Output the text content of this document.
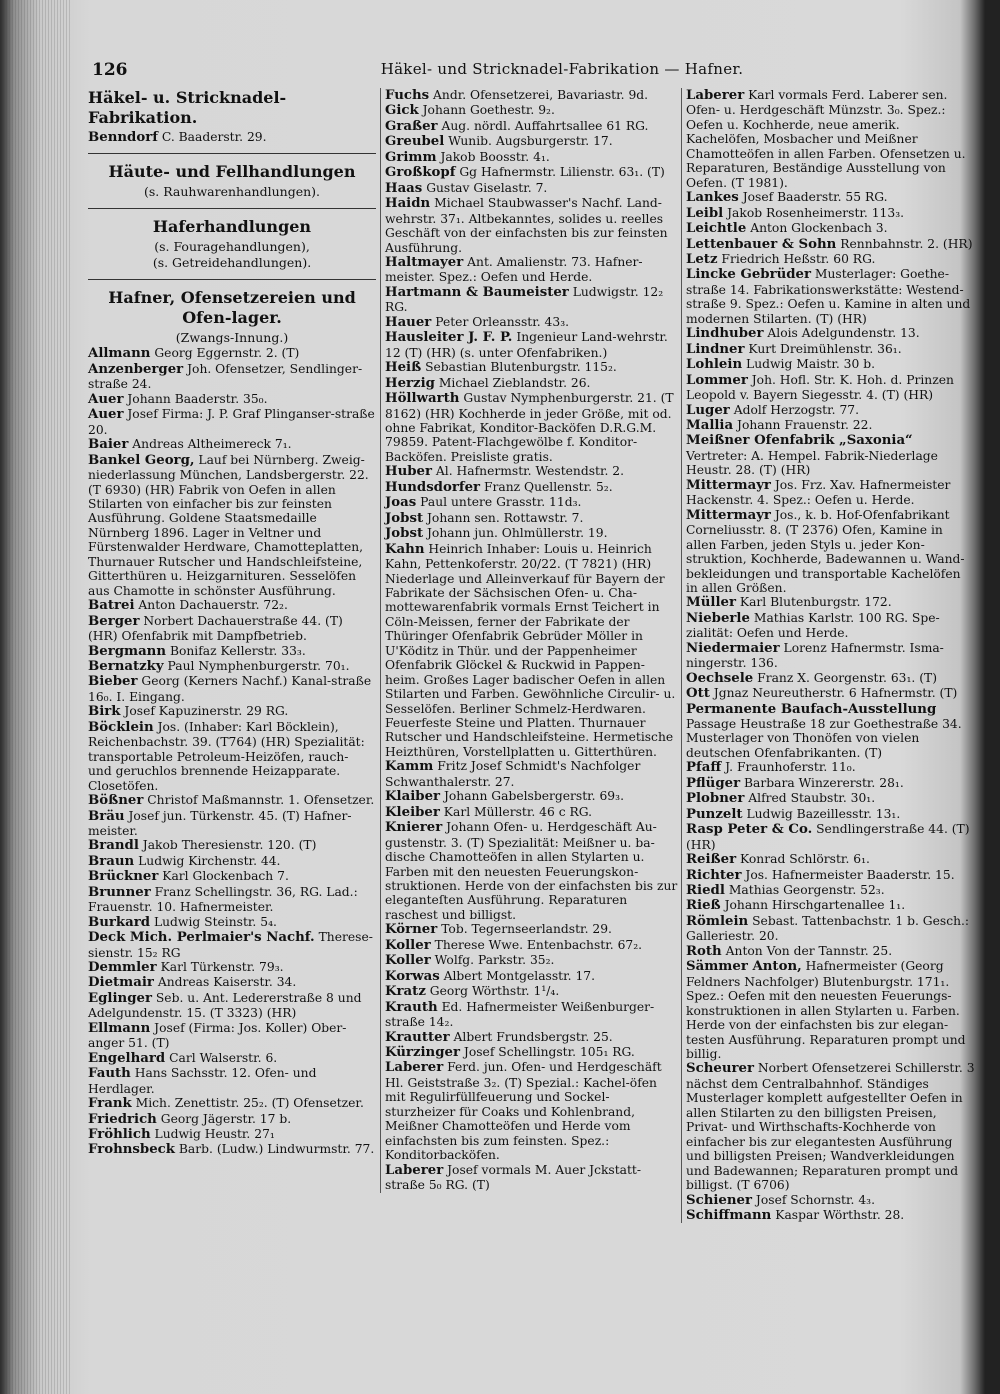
126	Häkel- und Stricknadel-Fabrikation — Hafner.
Häkel- u. Stricknadel-Fabrikation.

Benndorf C. Baaderstr. 29.

Häute- und Fellhandlungen
(s. Rauhwarenhandlungen).
Haferhandlungen
(s. Fouragehandlungen),
(s. Getreidehandlungen).
Hafner, Ofensetzereien und Ofen-lager.
(Zwangs-Innung.)

Allmann Georg Eggernstr. 2. (T)

Anzenberger Joh. Ofensetzer, Sendlinger-straße 24.

Auer Johann Baaderstr. 35₀.

Auer Josef Firma: J. P. Graf Plinganser-straße 20.

Baier Andreas Altheimereck 7₁.

Bankel Georg, Lauf bei Nürnberg. Zweig-niederlassung München, Landsbergerstr. 22. (T 6930) (HR) Fabrik von Oefen in allen Stilarten von einfacher bis zur feinsten Ausführung. Goldene Staatsmedaille Nürnberg 1896. Lager in Veltner und Fürstenwalder Herdware, Chamotteplatten, Thurnauer Rutscher und Handschleifsteine, Gitterthüren u. Heizgarnituren. Sesselöfen aus Chamotte in schönster Ausführung.

Batrei Anton Dachauerstr. 72₂.

Berger Norbert Dachauerstraße 44. (T) (HR) Ofenfabrik mit Dampfbetrieb.

Bergmann Bonifaz Kellerstr. 33₃.

Bernatzky Paul Nymphenburgerstr. 70₁.

Bieber Georg (Kerners Nachf.) Kanal-straße 16₀. I. Eingang.

Birk Josef Kapuzinerstr. 29 RG.

Böcklein Jos. (Inhaber: Karl Böcklein), Reichenbachstr. 39. (T764) (HR) Spezialität: transportable Petroleum-Heizöfen, rauch- und geruchlos brennende Heizapparate. Closetöfen.

Bößner Christof Maßmannstr. 1. Ofensetzer.

Bräu Josef jun. Türkenstr. 45. (T) Hafner-meister.

Brandl Jakob Theresienstr. 120. (T)

Braun Ludwig Kirchenstr. 44.

Brückner Karl Glockenbach 7.

Brunner Franz Schellingstr. 36, RG. Lad.: Frauenstr. 10. Hafnermeister.

Burkard Ludwig Steinstr. 5₄.

Deck Mich. Perlmaier's Nachf. Therese-sienstr. 15₂ RG

Demmler Karl Türkenstr. 79₃.

Dietmair Andreas Kaiserstr. 34.

Eglinger Seb. u. Ant. Ledererstraße 8 und Adelgundenstr. 15. (T 3323) (HR)

Ellmann Josef (Firma: Jos. Koller) Ober-anger 51. (T)

Engelhard Carl Walserstr. 6.

Fauth Hans Sachsstr. 12. Ofen- und Herdlager.

Frank Mich. Zenettistr. 25₂. (T) Ofensetzer.

Friedrich Georg Jägerstr. 17 b.

Fröhlich Ludwig Heustr. 27₁

Frohnsbeck Barb. (Ludw.) Lindwurmstr. 77.

Fuchs Andr. Ofensetzerei, Bavariastr. 9d.

Gick Johann Goethestr. 9₂.

Graßer Aug. nördl. Auffahrtsallee 61 RG.

Greubel Wunib. Augsburgerstr. 17.

Grimm Jakob Boosstr. 4₁.

Großkopf Gg Hafnermstr. Lilienstr. 63₁. (T)

Haas Gustav Giselastr. 7.

Haidn Michael Staubwasser's Nachf. Land-wehrstr. 37₁. Altbekanntes, solides u. reelles Geschäft von der einfachsten bis zur feinsten Ausführung.

Haltmayer Ant. Amalienstr. 73. Hafner-meister. Spez.: Oefen und Herde.

Hartmann & Baumeister Ludwigstr. 12₂ RG.

Hauer Peter Orleansstr. 43₃.

Hausleiter J. F. P. Ingenieur Land-wehrstr. 12 (T) (HR) (s. unter Ofenfabriken.)

Heiß Sebastian Blutenburgstr. 115₂.

Herzig Michael Zieblandstr. 26.

Höllwarth Gustav Nymphenburgerstr. 21. (T 8162) (HR) Kochherde in jeder Größe, mit od. ohne Fabrikat, Konditor-Backöfen D.R.G.M. 79859. Patent-Flachgewölbe f. Konditor-Backöfen. Preisliste gratis.

Huber Al. Hafnermstr. Westendstr. 2.

Hundsdorfer Franz Quellenstr. 5₂.

Joas Paul untere Grasstr. 11d₃.

Jobst Johann sen. Rottawstr. 7.

Jobst Johann jun. Ohlmüllerstr. 19.

Kahn Heinrich Inhaber: Louis u. Heinrich Kahn, Pettenkoferstr. 20/22. (T 7821) (HR) Niederlage und Alleinverkauf für Bayern der Fabrikate der Sächsischen Ofen- u. Cha-mottewarenfabrik vormals Ernst Teichert in Cöln-Meissen, ferner der Fabrikate der Thüringer Ofenfabrik Gebrüder Möller in U'Köditz in Thür. und der Pappenheimer Ofenfabrik Glöckel & Ruckwid in Pappen-heim. Großes Lager badischer Oefen in allen Stilarten und Farben. Gewöhnliche Circulir- u. Sesselöfen. Berliner Schmelz-Herdwaren. Feuerfeste Steine und Platten. Thurnauer Rutscher und Handschleifsteine. Hermetische Heizthüren, Vorstellplatten u. Gitterthüren.

Kamm Fritz Josef Schmidt's Nachfolger Schwanthalerstr. 27.

Klaiber Johann Gabelsbergerstr. 69₃.

Kleiber Karl Müllerstr. 46 c RG.

Knierer Johann Ofen- u. Herdgeschäft Au-gustenstr. 3. (T) Spezialität: Meißner u. ba-dische Chamotteöfen in allen Stylarten u. Farben mit den neuesten Feuerungskon-struktionen. Herde von der einfachsten bis zur eleganteſten Ausführung. Reparaturen raschest und billigst.

Körner Tob. Tegernseerlandstr. 29.

Koller Therese Wwe. Entenbachstr. 67₂.

Koller Wolfg. Parkstr. 35₂.

Korwas Albert Montgelasstr. 17.

Kratz Georg Wörthstr. 1¹/₄.

Krauth Ed. Hafnermeister Weißenburger-straße 14₂.

Krautter Albert Frundsbergstr. 25.

Kürzinger Josef Schellingstr. 105₁ RG.

Laberer Ferd. jun. Ofen- und Herdgeschäft Hl. Geiststraße 3₂. (T) Spezial.: Kachel-öfen mit Regulirfüllfeuerung und Sockel-sturzheizer für Coaks und Kohlenbrand, Meißner Chamotteöfen und Herde vom einfachsten bis zum feinsten. Spez.: Konditorbacköfen.

Laberer Josef vormals M. Auer Jckstatt-straße 5₀ RG. (T)

Laberer Karl vormals Ferd. Laberer sen. Ofen- u. Herdgeschäft Münzstr. 3₀. Spez.: Oefen u. Kochherde, neue amerik. Kachelöfen, Mosbacher und Meißner Chamotteöfen in allen Farben. Ofensetzen u. Reparaturen, Beständige Ausstellung von Oefen. (T 1981).

Lankes Josef Baaderstr. 55 RG.

Leibl Jakob Rosenheimerstr. 113₃.

Leichtle Anton Glockenbach 3.

Lettenbauer & Sohn Rennbahnstr. 2. (HR)

Letz Friedrich Heßstr. 60 RG.

Lincke Gebrüder Musterlager: Goethe-straße 14. Fabrikationswerkstätte: Westend-straße 9. Spez.: Oefen u. Kamine in alten und modernen Stilarten. (T) (HR)

Lindhuber Alois Adelgundenstr. 13.

Lindner Kurt Dreimühlenstr. 36₁.

Lohlein Ludwig Maistr. 30 b.

Lommer Joh. Hofl. Str. K. Hoh. d. Prinzen Leopold v. Bayern Siegesstr. 4. (T) (HR)

Luger Adolf Herzogstr. 77.

Mallia Johann Frauenstr. 22.

Meißner Ofenfabrik „Saxonia“ Vertreter: A. Hempel. Fabrik-Niederlage Heustr. 28. (T) (HR)

Mittermayr Jos. Frz. Xav. Hafnermeister Hackenstr. 4. Spez.: Oefen u. Herde.

Mittermayr Jos., k. b. Hof-Ofenfabrikant Corneliusstr. 8. (T 2376) Ofen, Kamine in allen Farben, jeden Styls u. jeder Kon-struktion, Kochherde, Badewannen u. Wand-bekleidungen und transportable Kachelöfen in allen Größen.

Müller Karl Blutenburgstr. 172.

Nieberle Mathias Karlstr. 100 RG. Spe-zialität: Oefen und Herde.

Niedermaier Lorenz Hafnermstr. Isma-ningerstr. 136.

Oechsele Franz X. Georgenstr. 63₁. (T)

Ott Jgnaz Neureutherstr. 6 Hafnermstr. (T)

Permanente Baufach-Ausstellung Passage Heustraße 18 zur Goethestraße 34. Musterlager von Thonöfen von vielen deutschen Ofenfabrikanten. (T)

Pfaff J. Fraunhoferstr. 11₀.

Pflüger Barbara Winzererstr. 28₁.

Plobner Alfred Staubstr. 30₁.

Punzelt Ludwig Bazeillesstr. 13₁.

Rasp Peter & Co. Sendlingerstraße 44. (T) (HR)

Reißer Konrad Schlörstr. 6₁.

Richter Jos. Hafnermeister Baaderstr. 15.

Riedl Mathias Georgenstr. 52₃.

Rieß Johann Hirschgartenallee 1₁.

Römlein Sebast. Tattenbachstr. 1 b. Gesch.: Galleriestr. 20.

Roth Anton Von der Tannstr. 25.

Sämmer Anton, Hafnermeister (Georg Feldners Nachfolger) Blutenburgstr. 171₁. Spez.: Oefen mit den neuesten Feuerungs-konstruktionen in allen Stylarten u. Farben. Herde von der einfachsten bis zur elegan-testen Ausführung. Reparaturen prompt und billig.

Scheurer Norbert Ofensetzerei Schillerstr. 3 nächst dem Centralbahnhof. Ständiges Musterlager komplett aufgestellter Oefen in allen Stilarten zu den billigsten Preisen, Privat- und Wirthschafts-Kochherde von einfacher bis zur elegantesten Ausführung und billigsten Preisen; Wandverkleidungen und Badewannen; Reparaturen prompt und billigst. (T 6706)

Schiener Josef Schornstr. 4₃.

Schiffmann Kaspar Wörthstr. 28.
